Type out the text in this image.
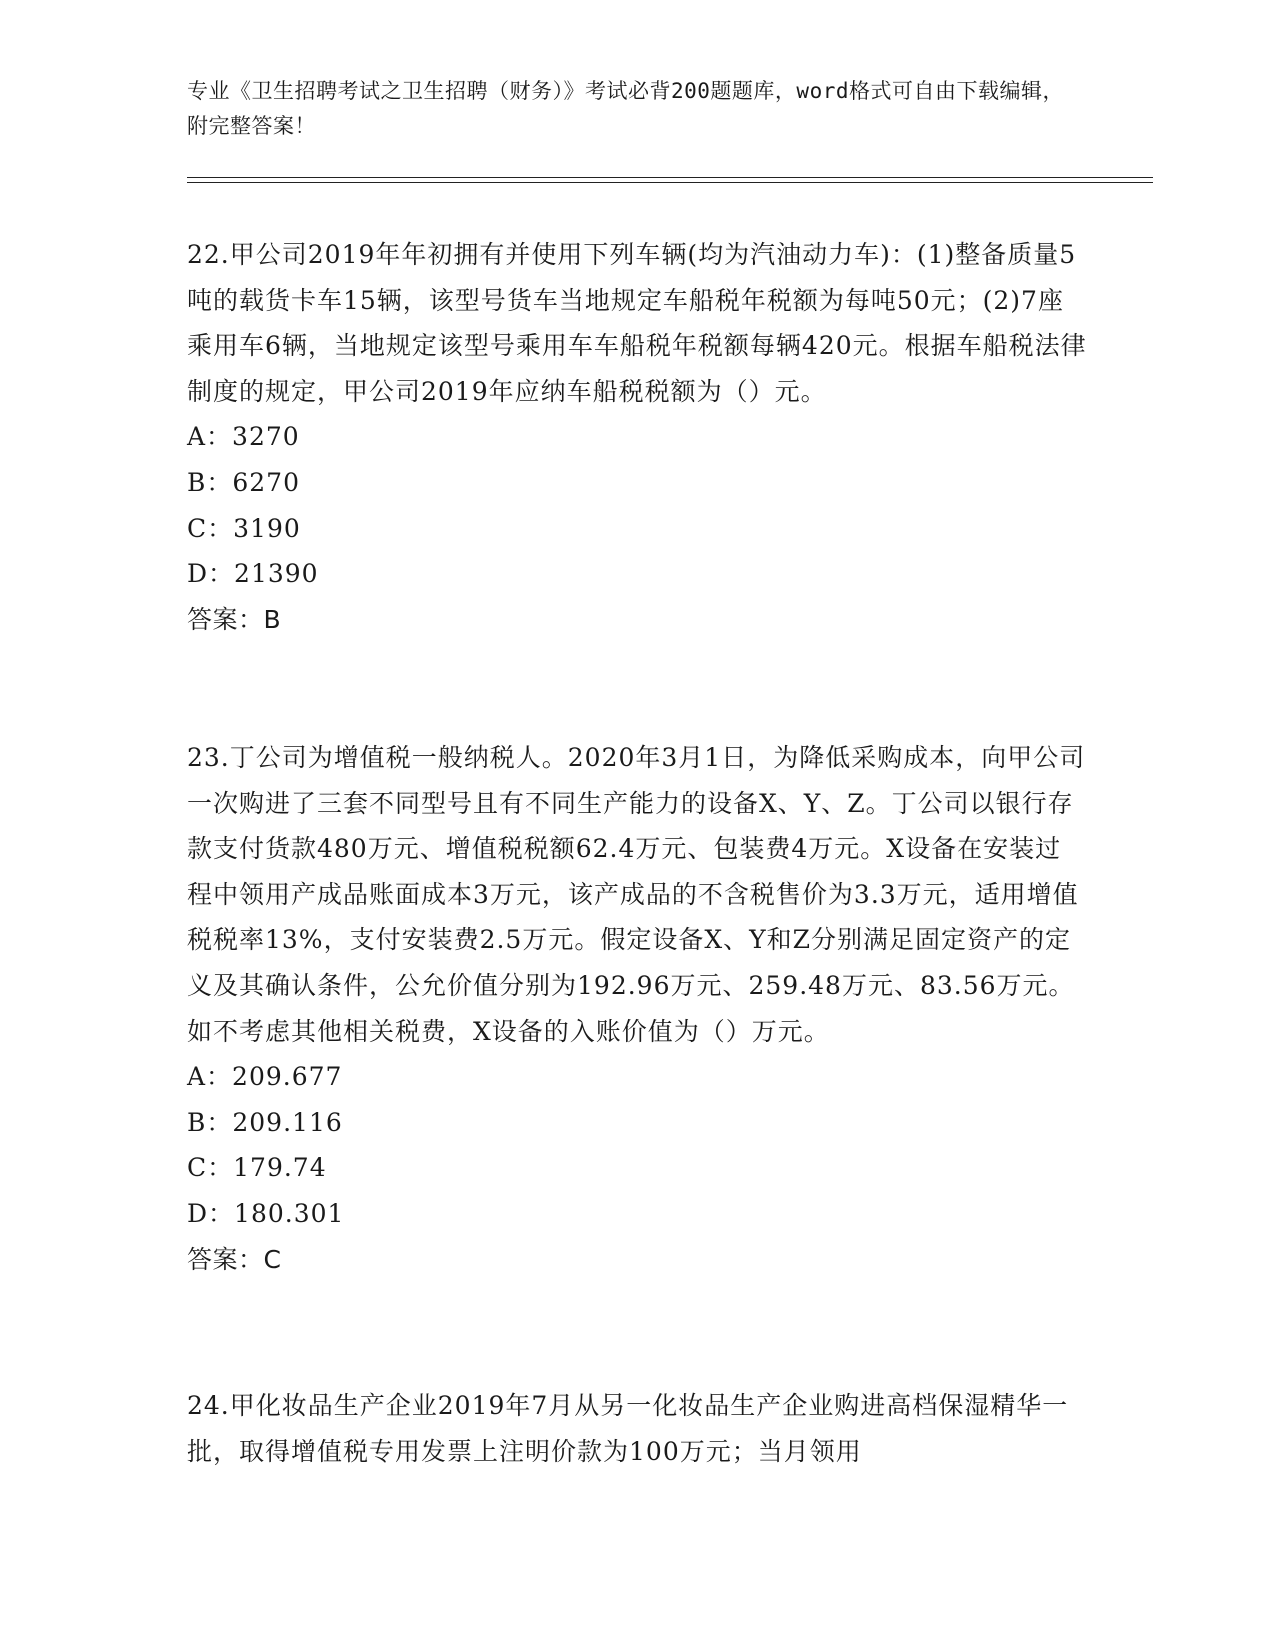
专业《卫生招聘考试之卫生招聘（财务）》考试必背200题题库，word格式可自由下载编辑，附完整答案！

22.甲公司2019年年初拥有并使用下列车辆(均为汽油动力车)：(1)整备质量5吨的载货卡车15辆，该型号货车当地规定车船税年税额为每吨50元；(2)7座乘用车6辆，当地规定该型号乘用车车船税年税额每辆420元。根据车船税法律制度的规定，甲公司2019年应纳车船税税额为（）元。

A：3270

B：6270

C：3190

D：21390

答案：B

23.丁公司为增值税一般纳税人。2020年3月1日，为降低采购成本，向甲公司一次购进了三套不同型号且有不同生产能力的设备X、Y、Z。丁公司以银行存款支付货款480万元、增值税税额62.4万元、包装费4万元。X设备在安装过程中领用产成品账面成本3万元，该产成品的不含税售价为3.3万元，适用增值税税率13%，支付安装费2.5万元。假定设备X、Y和Z分别满足固定资产的定义及其确认条件，公允价值分别为192.96万元、259.48万元、83.56万元。如不考虑其他相关税费，X设备的入账价值为（）万元。

A：209.677

B：209.116

C：179.74

D：180.301

答案：C

24.甲化妆品生产企业2019年7月从另一化妆品生产企业购进高档保湿精华一批，取得增值税专用发票上注明价款为100万元；当月领用
